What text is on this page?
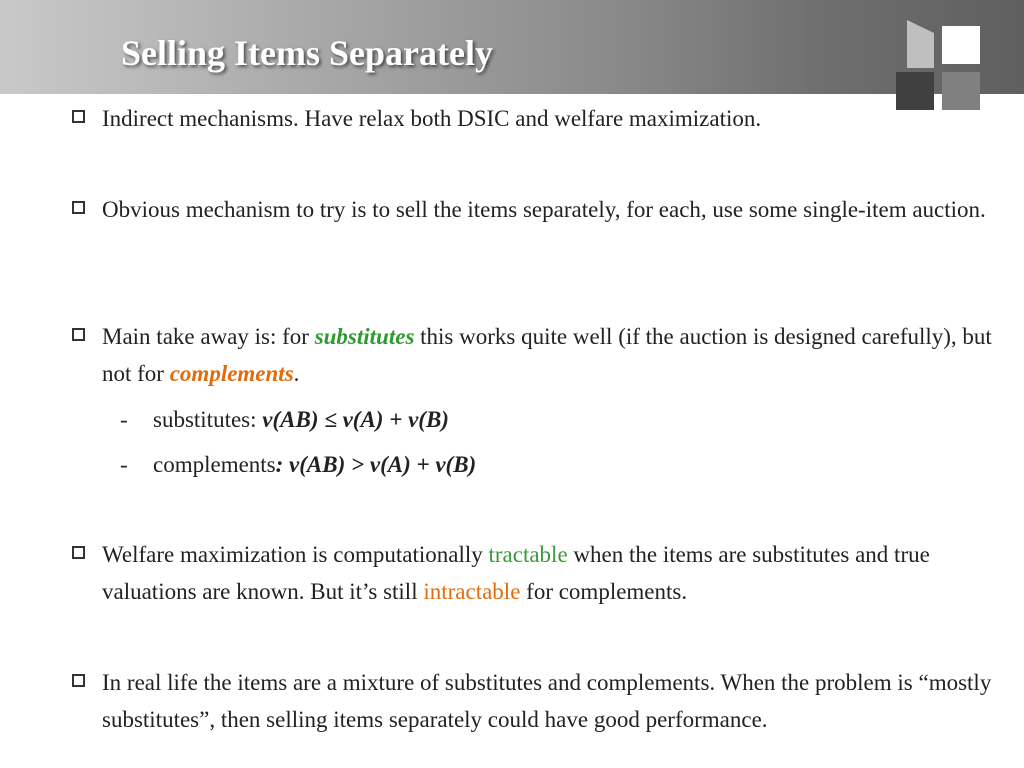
Selling Items Separately
Indirect mechanisms. Have relax both DSIC and welfare maximization.
Obvious mechanism to try is to sell the items separately, for each, use some single-item auction.
Main take away is: for substitutes this works quite well (if the auction is designed carefully), but not for complements.
- substitutes: v(AB) ≤ v(A) + v(B)
- complements: v(AB) > v(A) + v(B)
Welfare maximization is computationally tractable when the items are substitutes and true valuations are known. But it’s still intractable for complements.
In real life the items are a mixture of substitutes and complements. When the problem is “mostly substitutes”, then selling items separately could have good performance.
